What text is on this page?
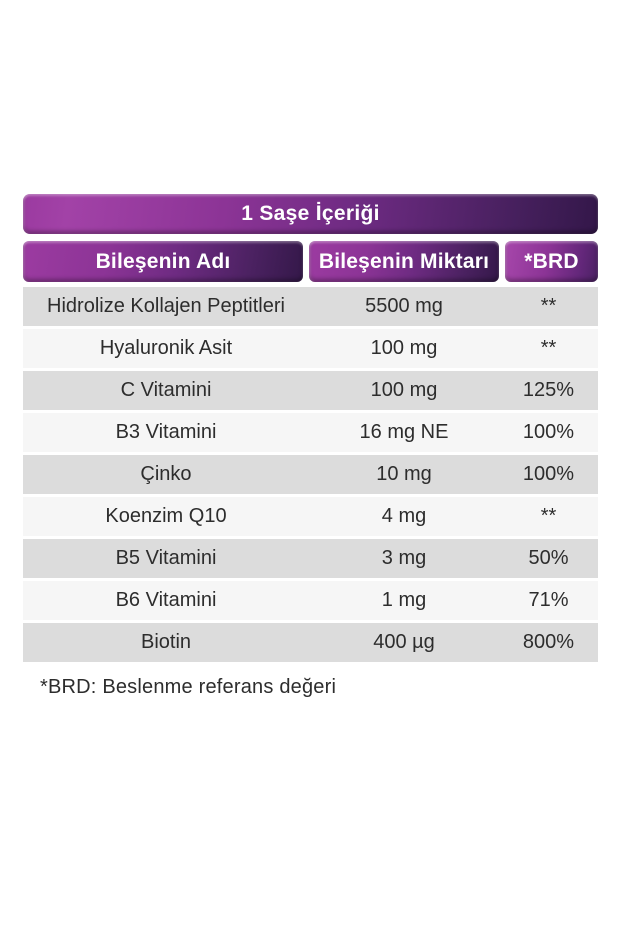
1 Saşe İçeriği
Bileşenin Adı	Bileşenin Miktarı	*BRD
Hidrolize Kollajen Peptitleri	5500 mg	**
Hyaluronik Asit	100 mg	**
C Vitamini	100 mg	125%
B3 Vitamini	16 mg NE	100%
Çinko	10 mg	100%
Koenzim Q10	4 mg	**
B5 Vitamini	3 mg	50%
B6 Vitamini	1 mg	71%
Biotin	400 µg	800%
*BRD: Beslenme referans değeri
